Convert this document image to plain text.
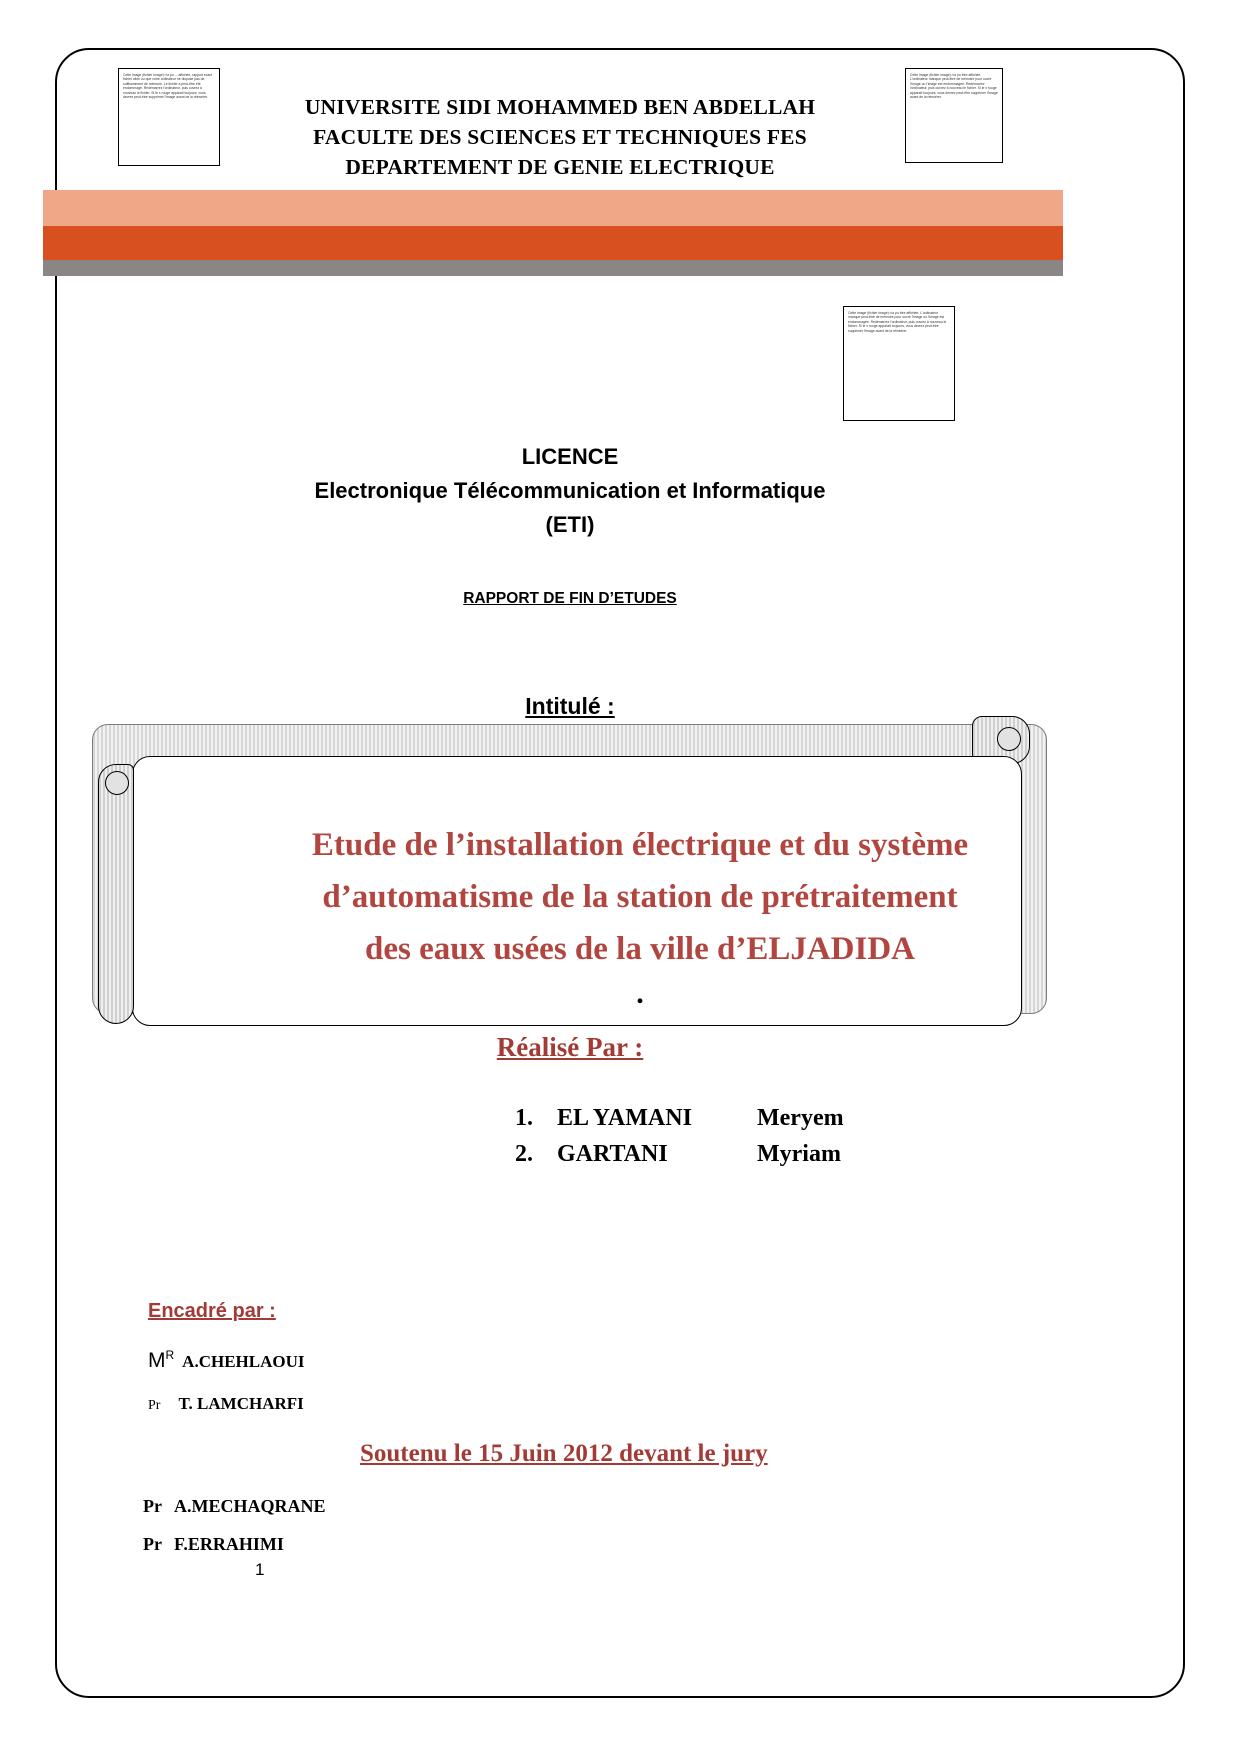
Cette image (fichier image) n'a pu ... affichée, rapport exact fichier cible ou que votre ordinateur ne dispose pas de suffisamment de mémoire. Le fichier a peut-être été endommagé. Redémarrez l'ordinateur, puis ouvrez à nouveau le fichier. Si le x rouge apparaît toujours, vous devrez peut-être supprimer l'image avant de la réinsérer.
Cette image (fichier image) n'a pu être affichée. L'ordinateur manque peut-être de mémoire pour ouvrir l'image ou l'image est endommagée. Redémarrez l'ordinateur, puis ouvrez à nouveau le fichier. Si le x rouge apparaît toujours, vous devrez peut-être supprimer l'image avant de la réinsérer.
Cette image (fichier image) n'a pu être affichée. L'ordinateur manque peut-être de mémoire pour ouvrir l'image ou l'image est endommagée. Redémarrez l'ordinateur, puis ouvrez à nouveau le fichier. Si le x rouge apparaît toujours, vous devrez peut-être supprimer l'image avant de la réinsérer.
UNIVERSITE SIDI MOHAMMED BEN ABDELLAH
FACULTE DES SCIENCES ET TECHNIQUES FES
DEPARTEMENT DE GENIE ELECTRIQUE
LICENCE
Electronique Télécommunication et Informatique
(ETI)
RAPPORT DE FIN D’ETUDES
Intitulé :
Etude de l’installation électrique et du système
d’automatisme de la station de prétraitement
des eaux usées de la ville d’ELJADIDA
.
Réalisé Par :
1.	EL YAMANI	Meryem
2.	GARTANI	Myriam
Encadré par :
$M^R$ A.CHEHLAOUI
Pr T. LAMCHARFI
Soutenu le 15 Juin 2012 devant le jury
Pr A.MECHAQRANE
Pr F.ERRAHIMI
1
